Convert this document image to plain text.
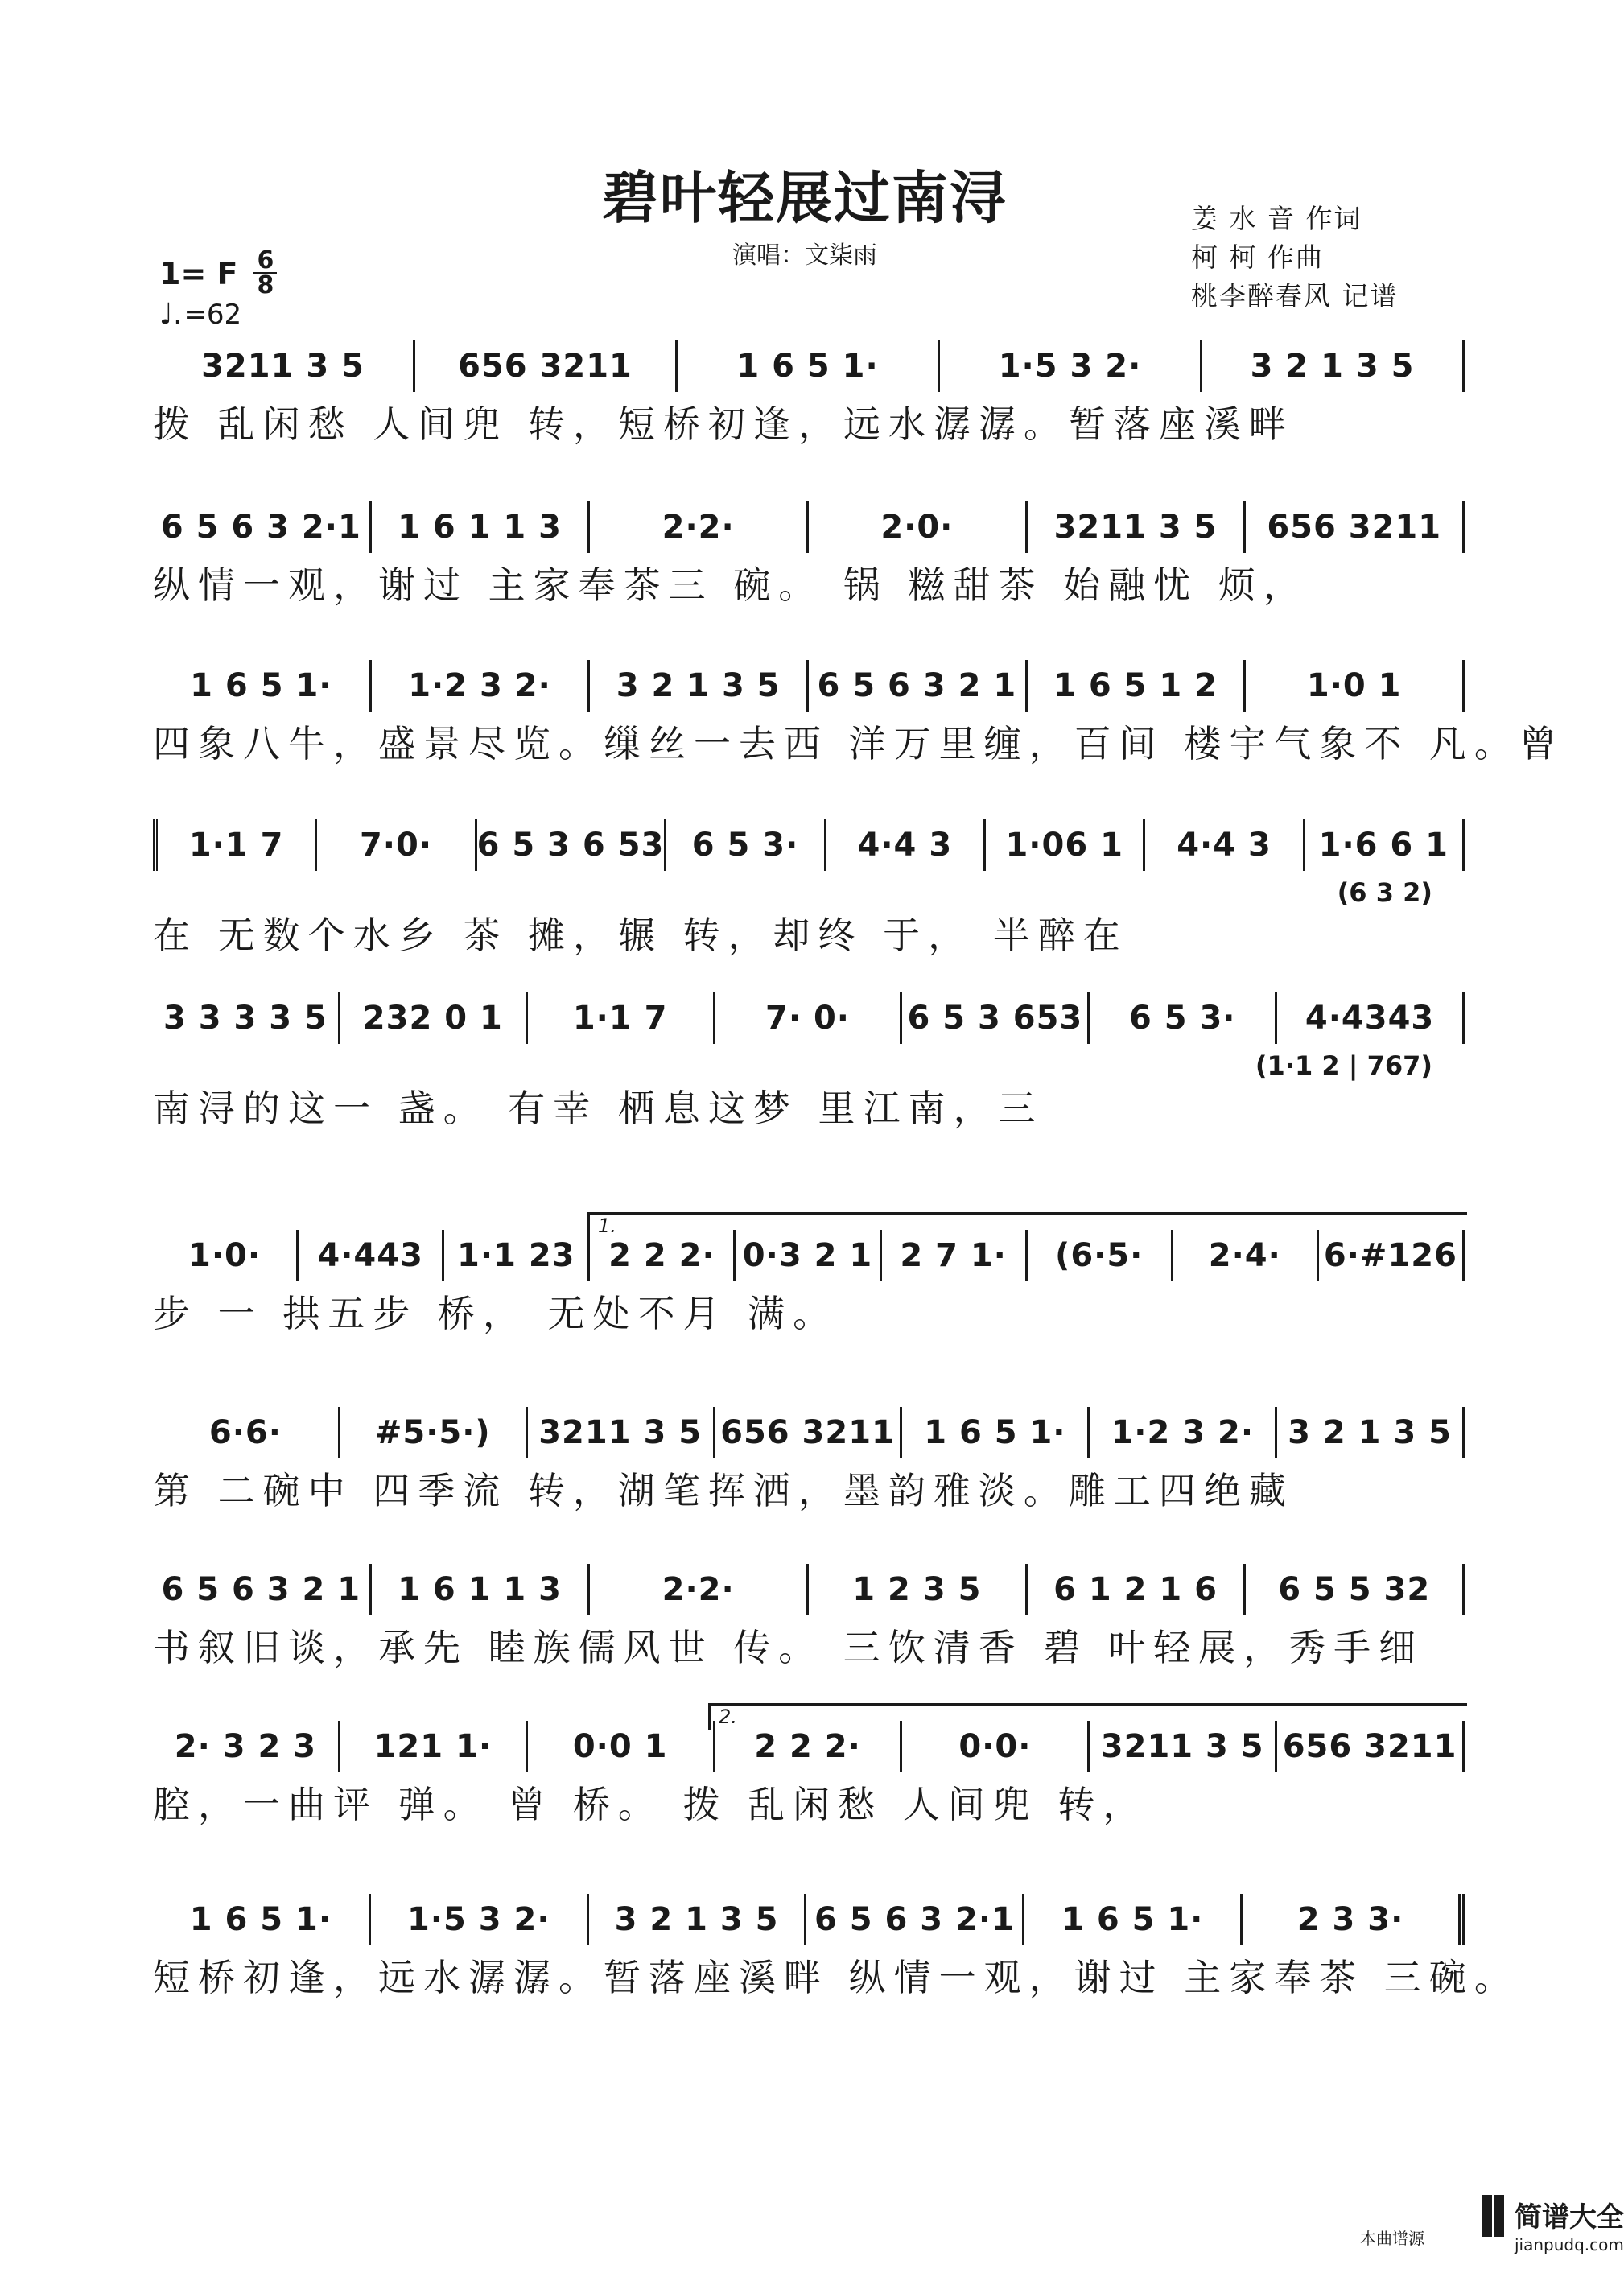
碧叶轻展过南浔
演唱：文柒雨
姜 水 音 作词
柯 柯 作曲
桃李醉春风 记谱
1= F 6
8
♩. =62
3211 3 5	656 3211	1 6 5 1·	1·5 3 2·	3 2 1 3 5
拨 乱闲愁 人间兜 转，短桥初逢，远水潺潺。暂落座溪畔
6 5 6 3 2·1	1 6 1 1 3	2·2·	2·0·	3211 3 5	656 3211
纵情一观，谢过 主家奉茶三 碗。 锅 糍甜茶 始融忧 烦，
1 6 5 1·	1·2 3 2·	3 2 1 3 5	6 5 6 3 2 1	1 6 5 1 2	1·0 1
四象八牛，盛景尽览。缫丝一去西 洋万里缠，百间 楼宇气象不 凡。曾
1·1 7	7·0·	6 5 3 6 53 6 5 3·	4·4 3	1·06 1	4·4 3	1·6 6 1
(6 3 2)
在 无数个水乡 茶 摊，辗 转，却终 于， 半醉在
3 3 3 3 5	232 0 1	1·1 7	7· 0·	6 5 3 653	6 5 3·	4·4343
(1·1 2 | 767)
南浔的这一 盏。 有幸 栖息这梦 里江南，三
1.
1·0·	4·443	1·1 23	2 2 2· 0·3 2 1 2 7 1·	(6·5·	2·4·	6·#126
步 一 拱五步 桥， 无处不月 满。
6·6·	#5·5·)	3211 3 5 656 3211 1 6 5 1·	1·2 3 2·	3 2 1 3 5
第 二碗中 四季流 转，湖笔挥洒，墨韵雅淡。雕工四绝藏
6 5 6 3 2 1	1 6 1 1 3	2·2·	1 2 3 5	6 1 2 1 6	6 5 5 32
书叙旧谈，承先 睦族儒风世 传。 三饮清香 碧 叶轻展，秀手细
2.
2· 3 2 3	121 1·	0·0 1	2 2 2·	0·0·	3211 3 5 656 3211
腔，一曲评 弹。 曾 桥。 拨 乱闲愁 人间兜 转，
1 6 5 1·	1·5 3 2·	3 2 1 3 5	6 5 6 3 2·1	1 6 5 1·	2 3 3·
短桥初逢，远水潺潺。暂落座溪畔 纵情一观，谢过 主家奉茶 三碗。
本曲谱源
简谱大全
jianpudq.com
